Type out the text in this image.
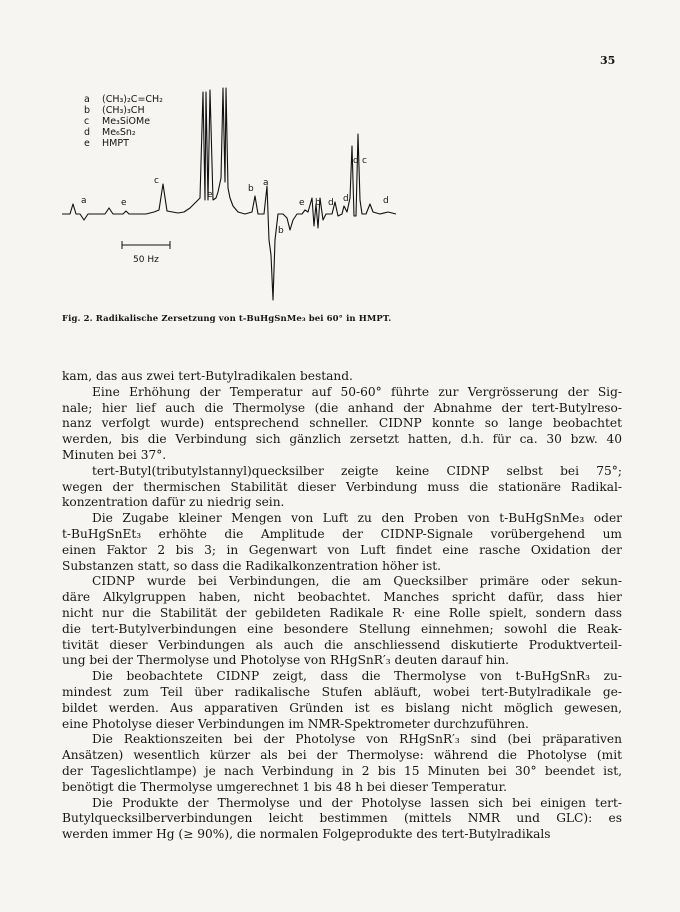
35
a	(CH₃)₂C=CH₂
b	(CH₃)₃CH
c	Me₃SiOMe
d	Me₆Sn₂
e	HMPT
a	e
c
e
b
a
b
e b d d
d c
d
50 Hz
Fig. 2. Radikalische Zersetzung von t-BuHgSnMe₃ bei 60° in HMPT.
kam, das aus zwei tert-Butylradikalen bestand.
Eine Erhöhung der Temperatur auf 50-60° führte zur Vergrösserung der Sig-
nale; hier lief auch die Thermolyse (die anhand der Abnahme der tert-Butylreso-
nanz verfolgt wurde) entsprechend schneller. CIDNP konnte so lange beobachtet
werden, bis die Verbindung sich gänzlich zersetzt hatten, d.h. für ca. 30 bzw. 40
Minuten bei 37°.
tert-Butyl(tributylstannyl)quecksilber zeigte keine CIDNP selbst bei 75°;
wegen der thermischen Stabilität dieser Verbindung muss die stationäre Radikal-
konzentration dafür zu niedrig sein.
Die Zugabe kleiner Mengen von Luft zu den Proben von t-BuHgSnMe₃ oder
t-BuHgSnEt₃ erhöhte die Amplitude der CIDNP-Signale vorübergehend um
einen Faktor 2 bis 3; in Gegenwart von Luft findet eine rasche Oxidation der
Substanzen statt, so dass die Radikalkonzentration höher ist.
CIDNP wurde bei Verbindungen, die am Quecksilber primäre oder sekun-
däre Alkylgruppen haben, nicht beobachtet. Manches spricht dafür, dass hier
nicht nur die Stabilität der gebildeten Radikale R· eine Rolle spielt, sondern dass
die tert-Butylverbindungen eine besondere Stellung einnehmen; sowohl die Reak-
tivität dieser Verbindungen als auch die anschliessend diskutierte Produktverteil-
ung bei der Thermolyse und Photolyse von RHgSnR′₃ deuten darauf hin.
Die beobachtete CIDNP zeigt, dass die Thermolyse von t-BuHgSnR₃ zu-
mindest zum Teil über radikalische Stufen abläuft, wobei tert-Butylradikale ge-
bildet werden. Aus apparativen Gründen ist es bislang nicht möglich gewesen,
eine Photolyse dieser Verbindungen im NMR-Spektrometer durchzuführen.
Die Reaktionszeiten bei der Photolyse von RHgSnR′₃ sind (bei präparativen
Ansätzen) wesentlich kürzer als bei der Thermolyse: während die Photolyse (mit
der Tageslichtlampe) je nach Verbindung in 2 bis 15 Minuten bei 30° beendet ist,
benötigt die Thermolyse umgerechnet 1 bis 48 h bei dieser Temperatur.
Die Produkte der Thermolyse und der Photolyse lassen sich bei einigen tert-
Butylquecksilberverbindungen leicht bestimmen (mittels NMR und GLC): es
werden immer Hg (≥ 90%), die normalen Folgeprodukte des tert-Butylradikals
